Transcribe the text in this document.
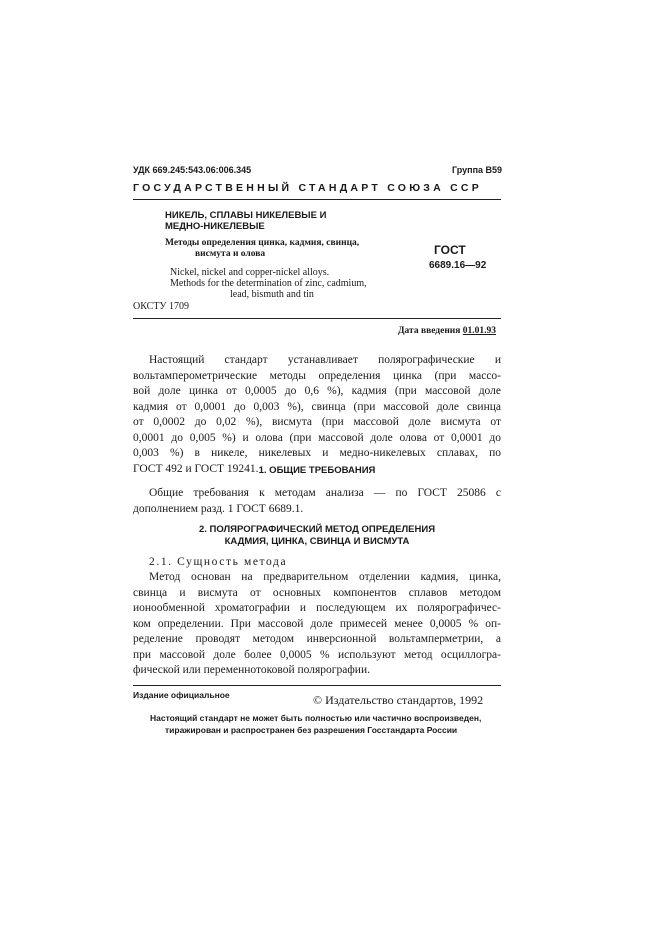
УДК 669.245:543.06:006.345	Группа В59
ГОСУДАРСТВЕННЫЙ СТАНДАРТ СОЮЗА ССР
НИКЕЛЬ, СПЛАВЫ НИКЕЛЕВЫЕ И
МЕДНО-НИКЕЛЕВЫЕ
Методы определения цинка, кадмия, свинца,
висмута и олова
Nickel, nickel and copper-nickel alloys.
Methods for the determination of zinc, cadmium,
lead, bismuth and tin
ОКСТУ 1709
ГОСТ
6689.16—92
Дата введения 01.01.93

Настоящий стандарт устанавливает полярографические и

вольтамперометрические методы определения цинка (при массо-

вой доле цинка от 0,0005 до 0,6 %), кадмия (при массовой доле

кадмия от 0,0001 до 0,003 %), свинца (при массовой доле свинца

от 0,0002 до 0,02 %), висмута (при массовой доле висмута от

0,0001 до 0,005 %) и олова (при массовой доле олова от 0,0001 до

0,003 %) в никеле, никелевых и медно-никелевых сплавах, по

ГОСТ 492 и ГОСТ 19241. 1. ОБЩИЕ ТРЕБОВАНИЯ

Общие требования к методам анализа — по ГОСТ 25086 с

дополнением разд. 1 ГОСТ 6689.1.

2. ПОЛЯРОГРАФИЧЕСКИЙ МЕТОД ОПРЕДЕЛЕНИЯ
КАДМИЯ, ЦИНКА, СВИНЦА И ВИСМУТА
2.1. Сущность метода

Метод основан на предварительном отделении кадмия, цинка,

свинца и висмута от основных компонентов сплавов методом

ионообменной хроматографии и последующем их полярографичес-

ком определении. При массовой доле примесей менее 0,0005 % оп-

ределение проводят методом инверсионной вольтамперметрии, а

при массовой доле более 0,0005 % используют метод осциллогра-

фической или переменнотоковой полярографии.

Издание официальное	© Издательство стандартов, 1992
Настоящий стандарт не может быть полностью или частично воспроизведен,
тиражирован и распространен без разрешения Госстандарта России
